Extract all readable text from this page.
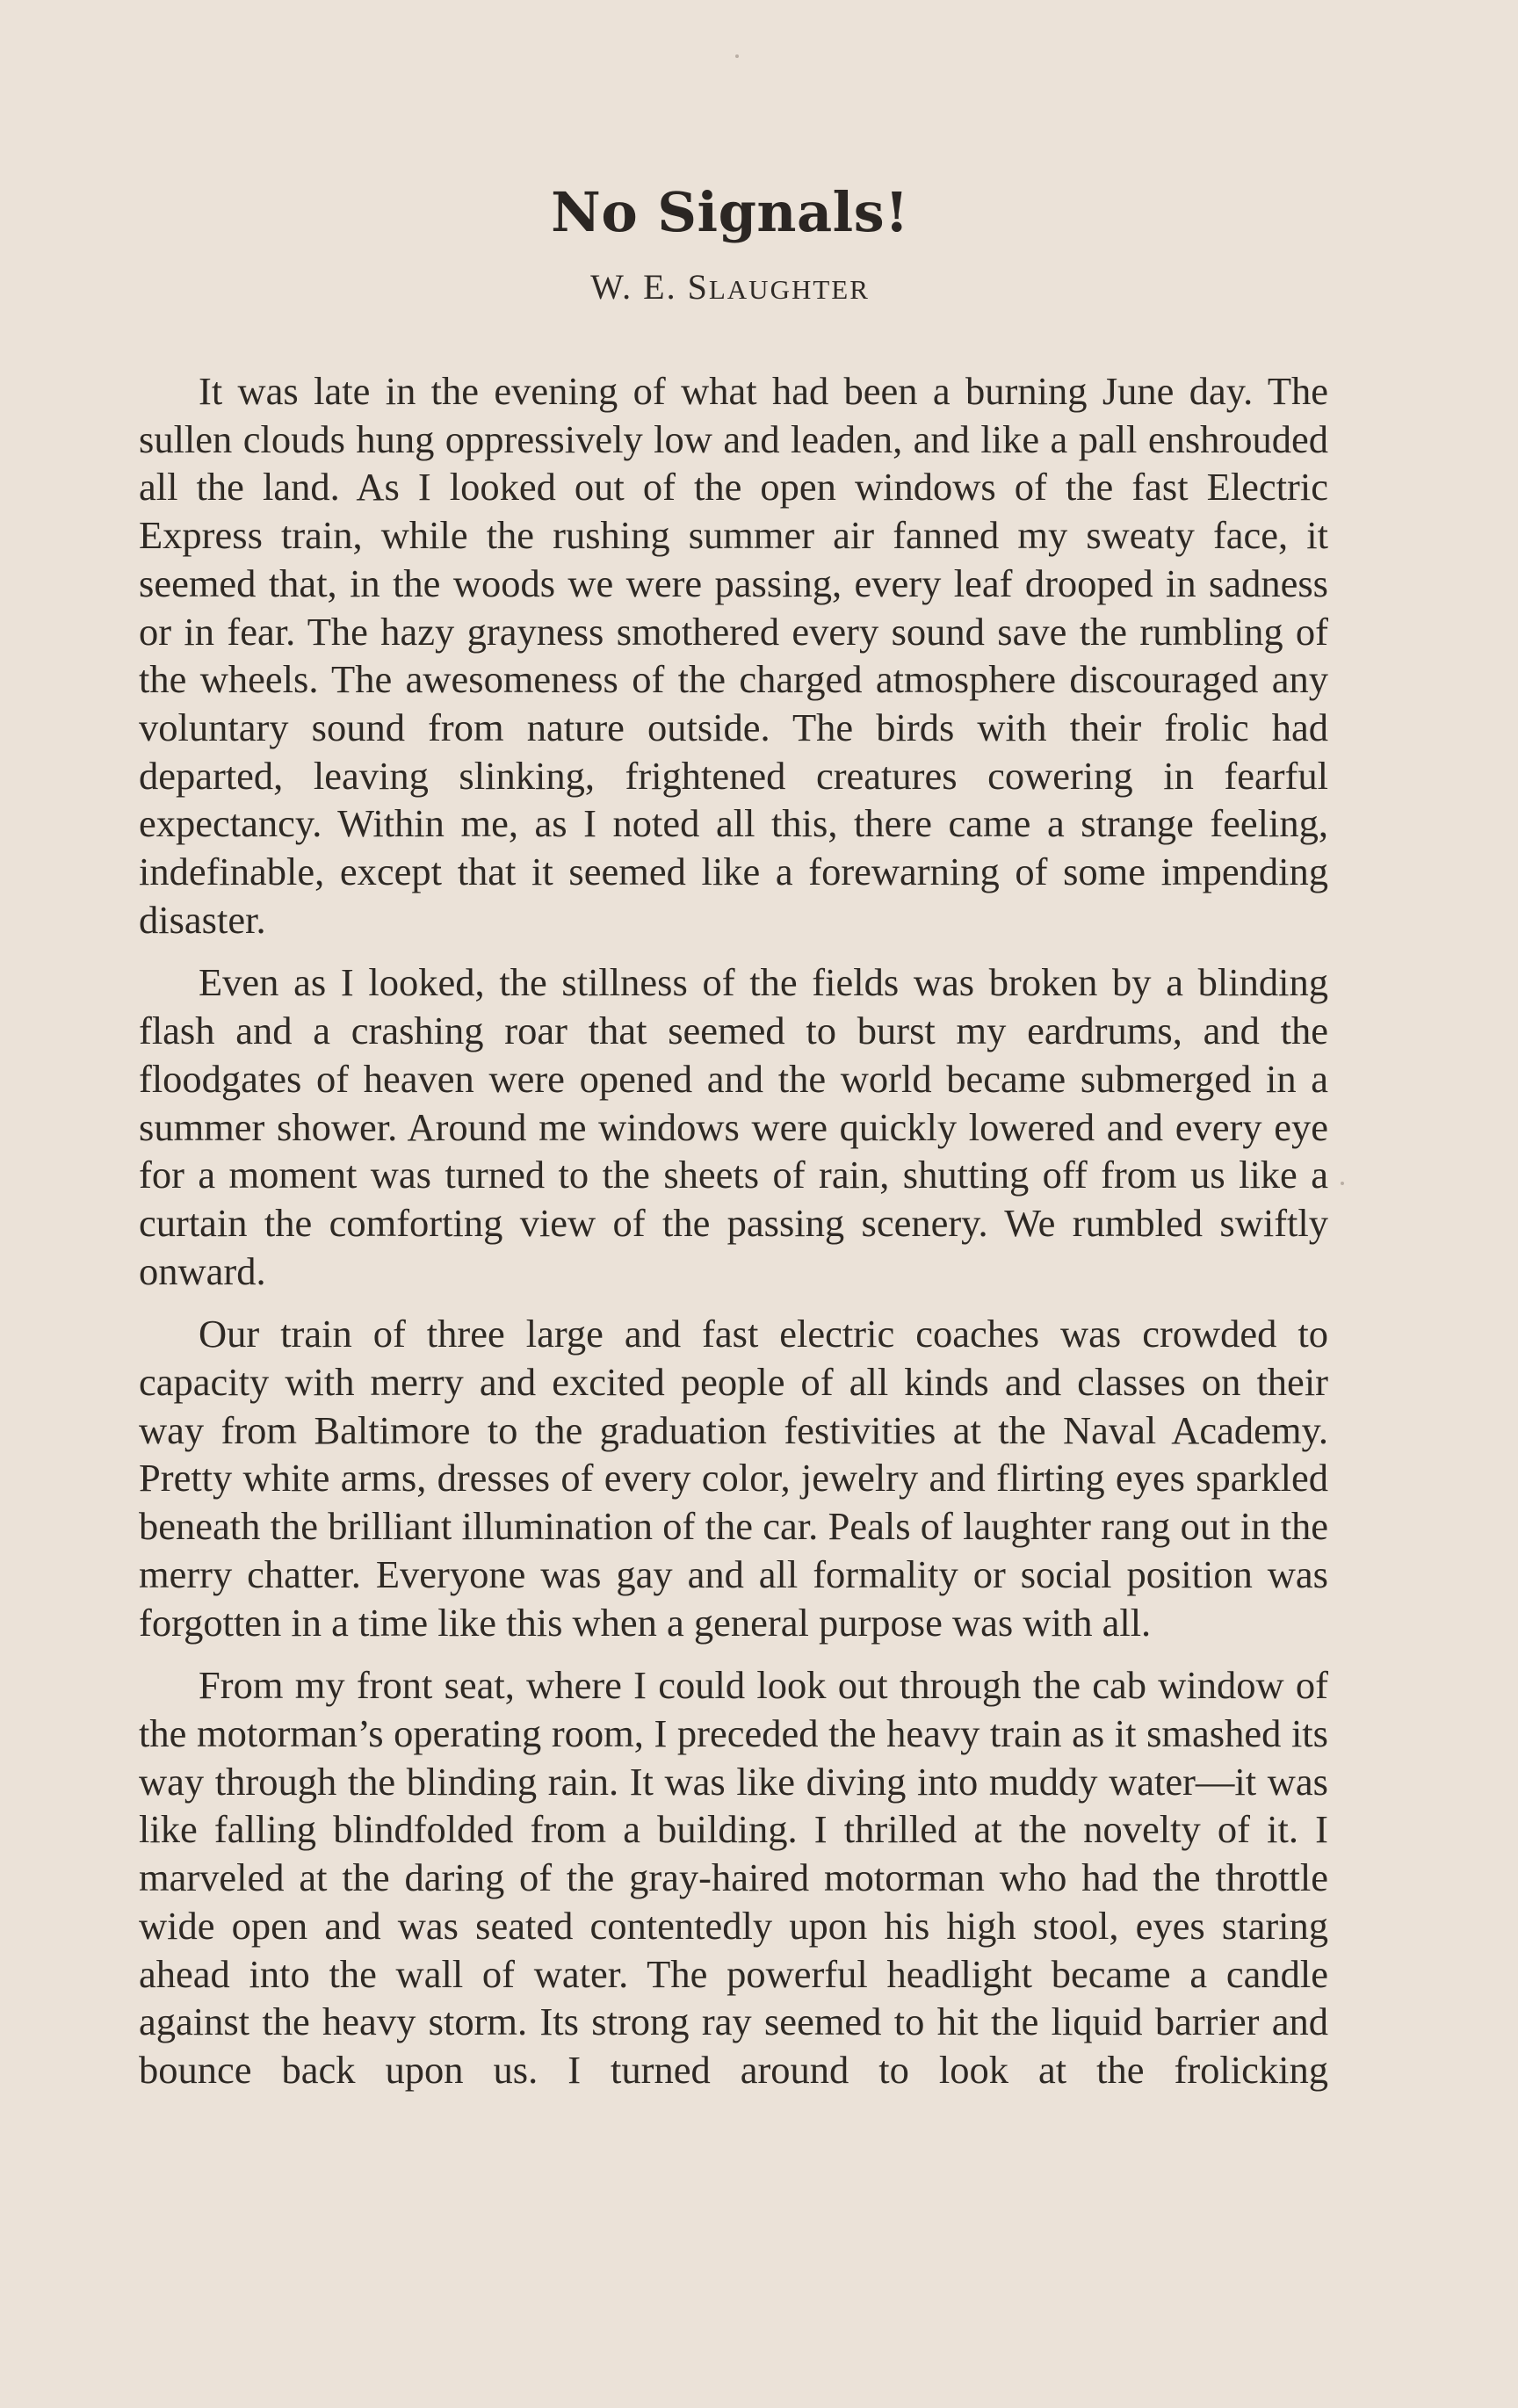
No Signals!
W. E. SLAUGHTER

It was late in the evening of what had been a burning June day. The sullen clouds hung oppressively low and leaden, and like a pall enshrouded all the land. As I looked out of the open windows of the fast Electric Express train, while the rushing summer air fanned my sweaty face, it seemed that, in the woods we were passing, every leaf drooped in sadness or in fear. The hazy grayness smothered every sound save the rumbling of the wheels. The awesomeness of the charged atmosphere discouraged any voluntary sound from nature outside. The birds with their frolic had departed, leaving slinking, frightened creatures cowering in fearful expectancy. Within me, as I noted all this, there came a strange feeling, indefinable, except that it seemed like a forewarning of some impending disaster.

Even as I looked, the stillness of the fields was broken by a blinding flash and a crashing roar that seemed to burst my eardrums, and the floodgates of heaven were opened and the world became submerged in a summer shower. Around me windows were quickly lowered and every eye for a moment was turned to the sheets of rain, shutting off from us like a curtain the comforting view of the passing scenery. We rumbled swiftly onward.

Our train of three large and fast electric coaches was crowded to capacity with merry and excited people of all kinds and classes on their way from Baltimore to the graduation festivities at the Naval Academy. Pretty white arms, dresses of every color, jewelry and flirting eyes sparkled beneath the brilliant illumination of the car. Peals of laughter rang out in the merry chatter. Everyone was gay and all formality or social position was forgotten in a time like this when a general purpose was with all.

From my front seat, where I could look out through the cab window of the motorman’s operating room, I preceded the heavy train as it smashed its way through the blinding rain. It was like diving into muddy water—it was like falling blindfolded from a building. I thrilled at the novelty of it. I marveled at the daring of the gray-haired motorman who had the throttle wide open and was seated contentedly upon his high stool, eyes staring ahead into the wall of water. The powerful headlight became a candle against the heavy storm. Its strong ray seemed to hit the liquid barrier and bounce back upon us. I turned around to look at the frolicking
